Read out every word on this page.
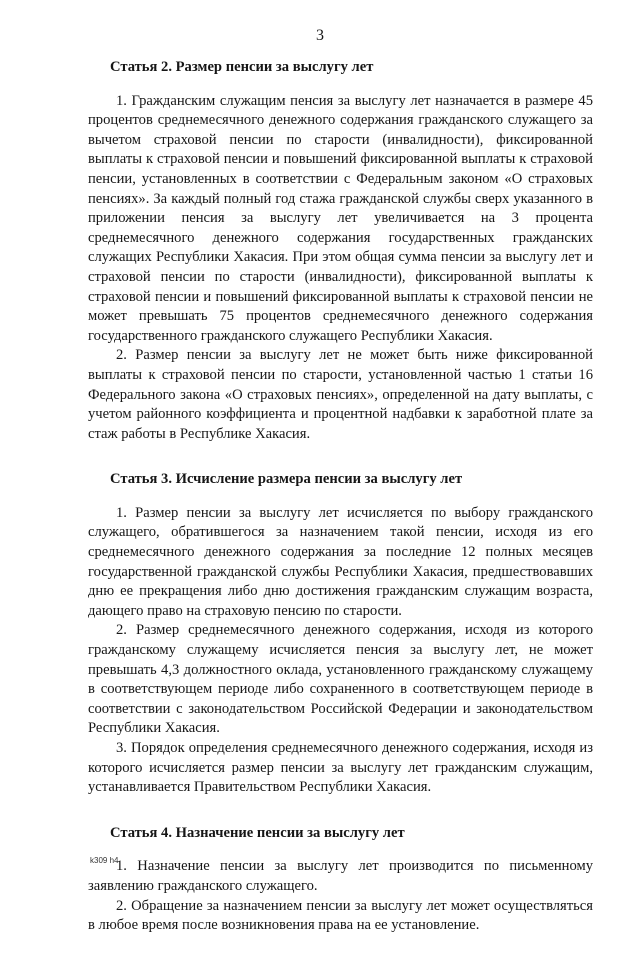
3
Статья 2. Размер пенсии за выслугу лет

1. Гражданским служащим пенсия за выслугу лет назначается в размере 45 процентов среднемесячного денежного содержания гражданского служащего за вычетом страховой пенсии по старости (инвалидности), фиксированной выплаты к страховой пенсии и повышений фиксированной выплаты к страховой пенсии, установленных в соответствии с Федеральным законом «О страховых пенсиях». За каждый полный год стажа гражданской службы сверх указанного в приложении пенсия за выслугу лет увеличивается на 3 процента среднемесячного денежного содержания государственных гражданских служащих Республики Хакасия. При этом общая сумма пенсии за выслугу лет и страховой пенсии по старости (инвалидности), фиксированной выплаты к страховой пенсии и повышений фиксированной выплаты к страховой пенсии не может превышать 75 процентов среднемесячного денежного содержания государственного гражданского служащего Республики Хакасия.

2. Размер пенсии за выслугу лет не может быть ниже фиксированной выплаты к страховой пенсии по старости, установленной частью 1 статьи 16 Федерального закона «О страховых пенсиях», определенной на дату выплаты, с учетом районного коэффициента и процентной надбавки к заработной плате за стаж работы в Республике Хакасия.

Статья 3. Исчисление размера пенсии за выслугу лет

1. Размер пенсии за выслугу лет исчисляется по выбору гражданского служащего, обратившегося за назначением такой пенсии, исходя из его среднемесячного денежного содержания за последние 12 полных месяцев государственной гражданской службы Республики Хакасия, предшествовавших дню ее прекращения либо дню достижения гражданским служащим возраста, дающего право на страховую пенсию по старости.

2. Размер среднемесячного денежного содержания, исходя из которого гражданскому служащему исчисляется пенсия за выслугу лет, не может превышать 4,3 должностного оклада, установленного гражданскому служащему в соответствующем периоде либо сохраненного в соответствующем периоде в соответствии с законодательством Российской Федерации и законодательством Республики Хакасия.

3. Порядок определения среднемесячного денежного содержания, исходя из которого исчисляется размер пенсии за выслугу лет гражданским служащим, устанавливается Правительством Республики Хакасия.

Статья 4. Назначение пенсии за выслугу лет

1. Назначение пенсии за выслугу лет производится по письменному заявлению гражданского служащего.

2. Обращение за назначением пенсии за выслугу лет может осуществляться в любое время после возникновения права на ее установление.

k309 h4
